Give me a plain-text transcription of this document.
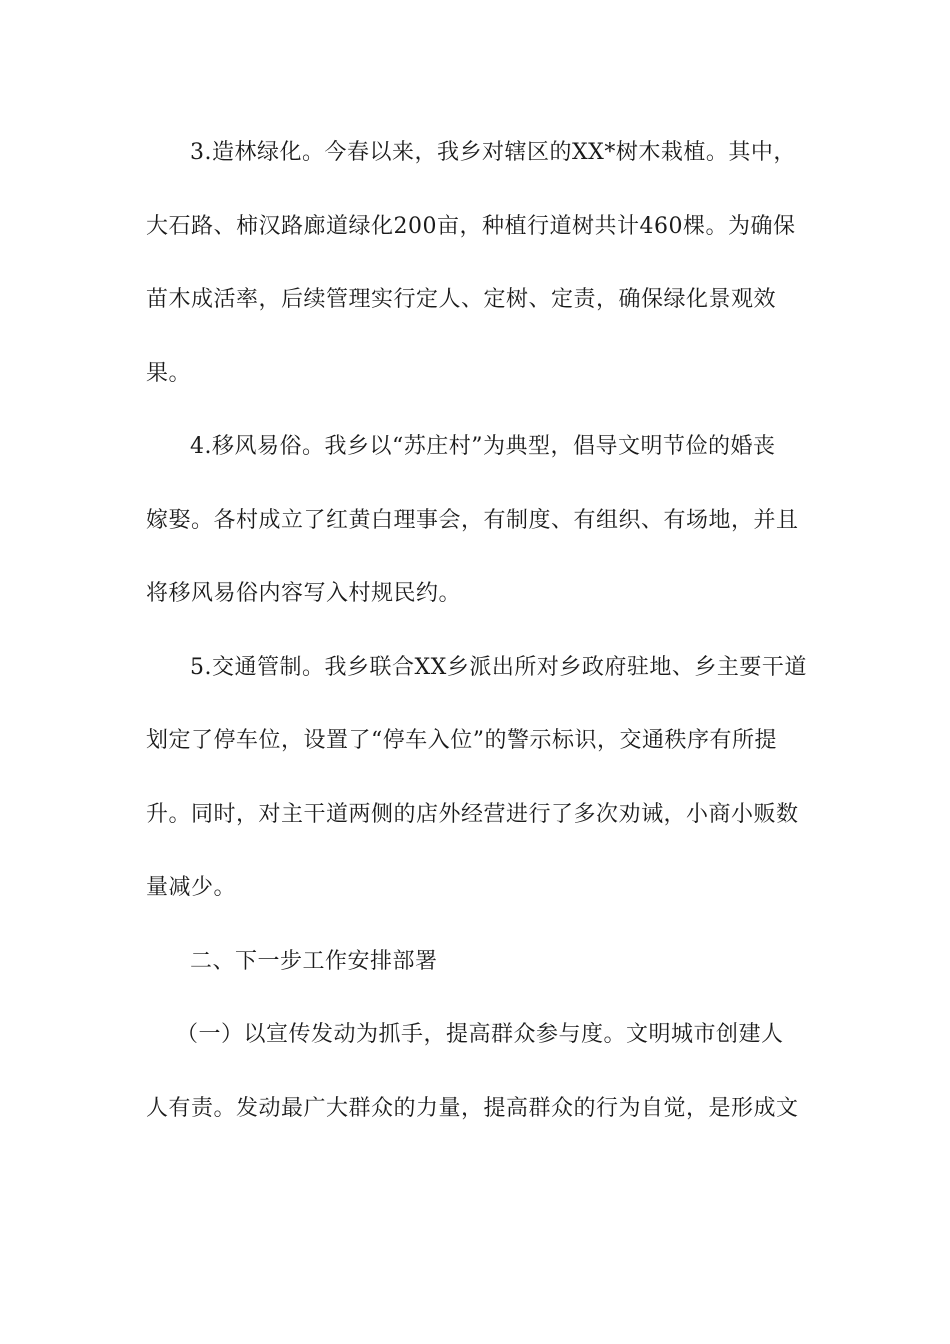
3.造林绿化。今春以来，我乡对辖区的XX*树木栽植。其中，
大石路、柿汉路廊道绿化200亩，种植行道树共计460棵。为确保
苗木成活率，后续管理实行定人、定树、定责，确保绿化景观效
果。
4.移风易俗。我乡以“苏庄村”为典型，倡导文明节俭的婚丧
嫁娶。各村成立了红黄白理事会，有制度、有组织、有场地，并且
将移风易俗内容写入村规民约。
5.交通管制。我乡联合XX乡派出所对乡政府驻地、乡主要干道
划定了停车位，设置了“停车入位”的警示标识，交通秩序有所提
升。同时，对主干道两侧的店外经营进行了多次劝诫，小商小贩数
量减少。
二、下一步工作安排部署
（一）以宣传发动为抓手，提高群众参与度。文明城市创建人
人有责。发动最广大群众的力量，提高群众的行为自觉，是形成文
